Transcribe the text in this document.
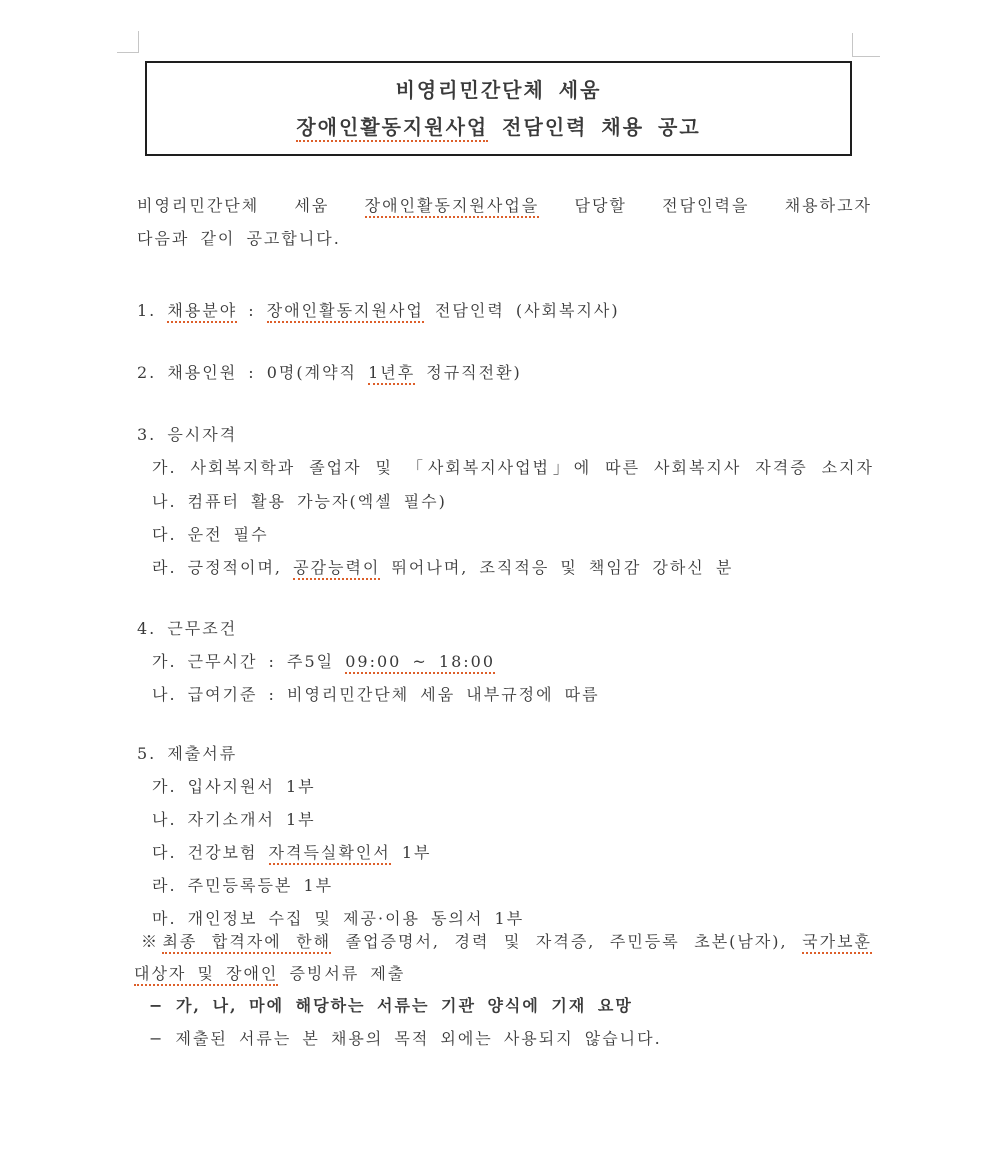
비영리민간단체 세움
장애인활동지원사업 전담인력 채용 공고
비영리민간단체 세움 장애인활동지원사업을 담당할 전담인력을 채용하고자
다음과 같이 공고합니다.
1. 채용분야 : 장애인활동지원사업 전담인력 (사회복지사)
2. 채용인원 : 0명(계약직 1년후 정규직전환)
3. 응시자격
가. 사회복지학과 졸업자 및 「사회복지사업법」에 따른 사회복지사 자격증 소지자
나. 컴퓨터 활용 가능자(엑셀 필수)
다. 운전 필수
라. 긍정적이며, 공감능력이 뛰어나며, 조직적응 및 책임감 강하신 분
4. 근무조건
가. 근무시간 : 주5일 09:00 ~ 18:00
나. 급여기준 : 비영리민간단체 세움 내부규정에 따름
5. 제출서류
가. 입사지원서 1부
나. 자기소개서 1부
다. 건강보험 자격득실확인서 1부
라. 주민등록등본 1부
마. 개인정보 수집 및 제공·이용 동의서 1부
※최종 합격자에 한해 졸업증명서, 경력 및 자격증, 주민등록 초본(남자), 국가보훈
대상자 및 장애인 증빙서류 제출
− 가, 나, 마에 해당하는 서류는 기관 양식에 기재 요망
− 제출된 서류는 본 채용의 목적 외에는 사용되지 않습니다.
